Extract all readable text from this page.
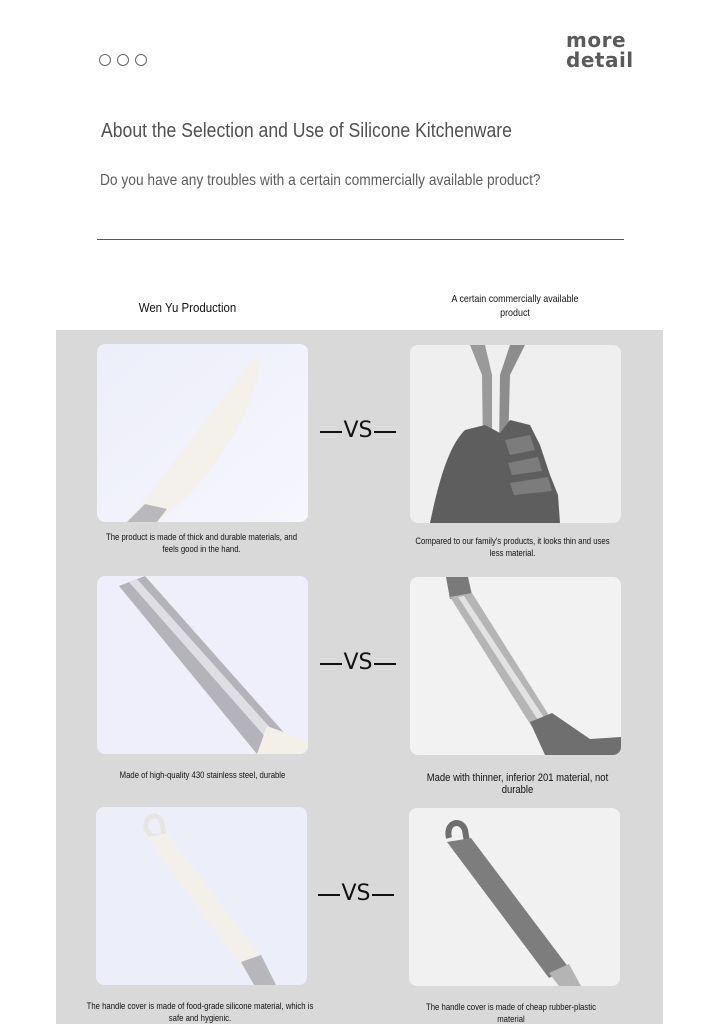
more
detail
About the Selection and Use of Silicone Kitchenware
Do you have any troubles with a certain commercially available product?
Wen Yu Production
A certain commercially available product
VS
The product is made of thick and durable materials, and feels good in the hand.
Compared to our family's products, it looks thin and uses less material.
VS
Made of high-quality 430 stainless steel, durable	Made with thinner, inferior 201 material, not durable
VS
The handle cover is made of food-grade silicone material, which is safe and hygienic.
The handle cover is made of cheap rubber-plastic material
